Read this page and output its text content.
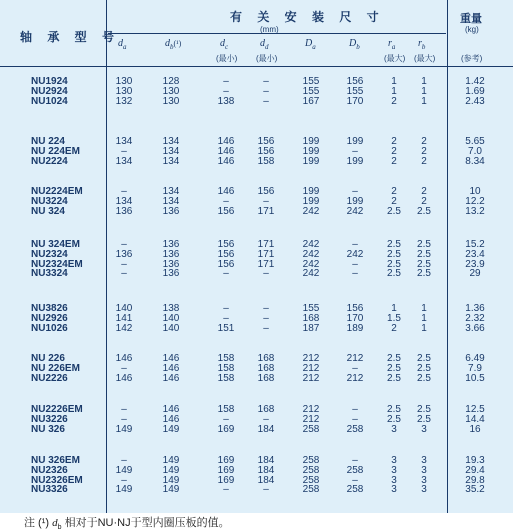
轴 承 型 号
有 关 安 装 尺 寸
(mm)
重量
(kg)
(参考)
$d_a$	$d_b(^1)$	$d_c$
(最小)
$d_d$
(最小)
$D_a$	$D_b$	$r_a$
(最大)
$r_b$
(最大)
NU1924	130	128	–	–	155	156	1	1	1.42
NU2924	130	130	–	–	155	155	1	1	1.69
NU1024	132	130	138	–	167	170	2	1	2.43
NU 224	134	134	146	156	199	199	2	2	5.65
NU 224EM	–	134	146	156	199	–	2	2	7.0
NU2224	134	134	146	158	199	199	2	2	8.34
NU2224EM	–	134	146	156	199	–	2	2	10
NU3224	134	134	–	–	199	199	2	2	12.2
NU 324	136	136	156	171	242	242	2.5	2.5	13.2
NU 324EM	–	136	156	171	242	–	2.5	2.5	15.2
NU2324	136	136	156	171	242	242	2.5	2.5	23.4
NU2324EM	–	136	156	171	242	–	2.5	2.5	23.9
NU3324	–	136	–	–	242	–	2.5	2.5	29
NU3826	140	138	–	–	155	156	1	1	1.36
NU2926	141	140	–	–	168	170	1.5	1	2.32
NU1026	142	140	151	–	187	189	2	1	3.66
NU 226	146	146	158	168	212	212	2.5	2.5	6.49
NU 226EM	–	146	158	168	212	–	2.5	2.5	7.9
NU2226	146	146	158	168	212	212	2.5	2.5	10.5
NU2226EM	–	146	158	168	212	–	2.5	2.5	12.5
NU3226	–	146	–	–	212	–	2.5	2.5	14.4
NU 326	149	149	169	184	258	258	3	3	16
NU 326EM	–	149	169	184	258	–	3	3	19.3
NU2326	149	149	169	184	258	258	3	3	29.4
NU2326EM	–	149	169	184	258	–	3	3	29.8
NU3326	149	149	–	–	258	258	3	3	35.2
注 (¹) $d_b$ 相对于NU·NJ于型内圈压板的值。
